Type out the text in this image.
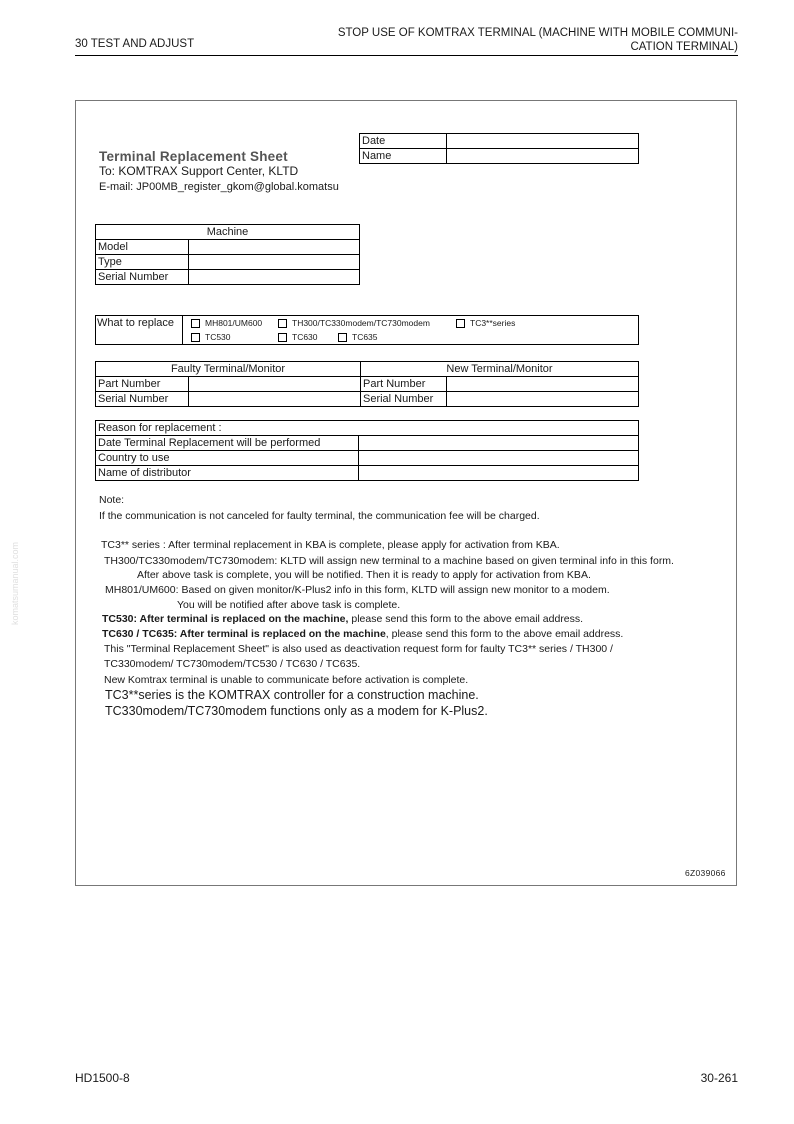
30 TEST AND ADJUST
STOP USE OF KOMTRAX TERMINAL (MACHINE WITH MOBILE COMMUNI-
CATION TERMINAL)
Date	
Name	
Terminal Replacement Sheet
To: KOMTRAX Support Center, KLTD
E-mail: JP00MB_register_gkom@global.komatsu
Machine	
Model	
Type	
Serial Number	
What to replace	MH801/UM600	TH300/TC330modem/TC730modem	TC3**series
TC530	TC630	TC635
Faulty Terminal/Monitor		New Terminal/Monitor	
Part Number		Part Number	
Serial Number		Serial Number	
Reason for replacement :	
Date Terminal Replacement will be performed	
Country to use	
Name of distributor	
Note:
If the communication is not canceled for faulty terminal, the communication fee will be charged.
TC3** series : After terminal replacement in KBA is complete, please apply for activation from KBA.
TH300/TC330modem/TC730modem: KLTD will assign new terminal to a machine based on given terminal info in this form.
After above task is complete, you will be notified. Then it is ready to apply for activation from KBA.
MH801/UM600: Based on given monitor/K-Plus2 info in this form, KLTD will assign new monitor to a modem.
You will be notified after above task is complete.
TC530: After terminal is replaced on the machine, please send this form to the above email address.
TC630 / TC635: After terminal is replaced on the machine, please send this form to the above email address.
This "Terminal Replacement Sheet" is also used as deactivation request form for faulty TC3** series / TH300 /
TC330modem/ TC730modem/TC530 / TC630 / TC635.
New Komtrax terminal is unable to communicate before activation is complete.
TC3**series is the KOMTRAX controller for a construction machine.
TC330modem/TC730modem functions only as a modem for K-Plus2.
6Z039066
komatsumanual.com
HD1500-8	30-261
